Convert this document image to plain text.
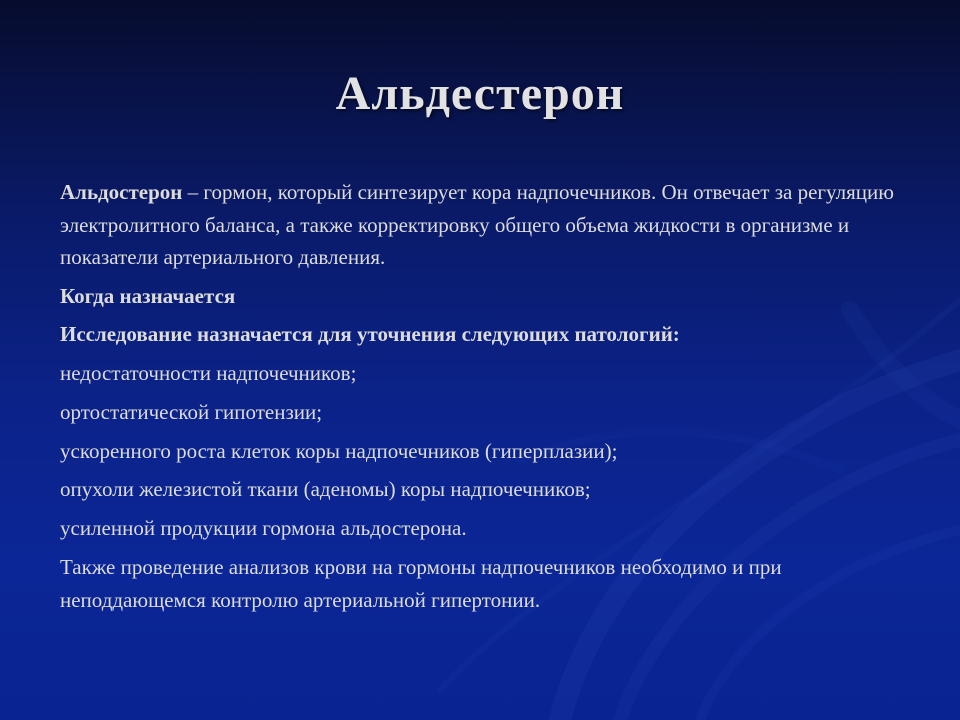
Альдестерон

Альдостерон – гормон, который синтезирует кора надпочечников. Он отвечает за регуляцию электролитного баланса, а также корректировку общего объема жидкости в организме и показатели артериального давления.

Когда назначается
Исследование назначается для уточнения следующих патологий:
недостаточности надпочечников;
ортостатической гипотензии;
ускоренного роста клеток коры надпочечников (гиперплазии);
опухоли железистой ткани (аденомы) коры надпочечников;
усиленной продукции гормона альдостерона.

Также проведение анализов крови на гормоны надпочечников необходимо и при неподдающемся контролю артериальной гипертонии.
